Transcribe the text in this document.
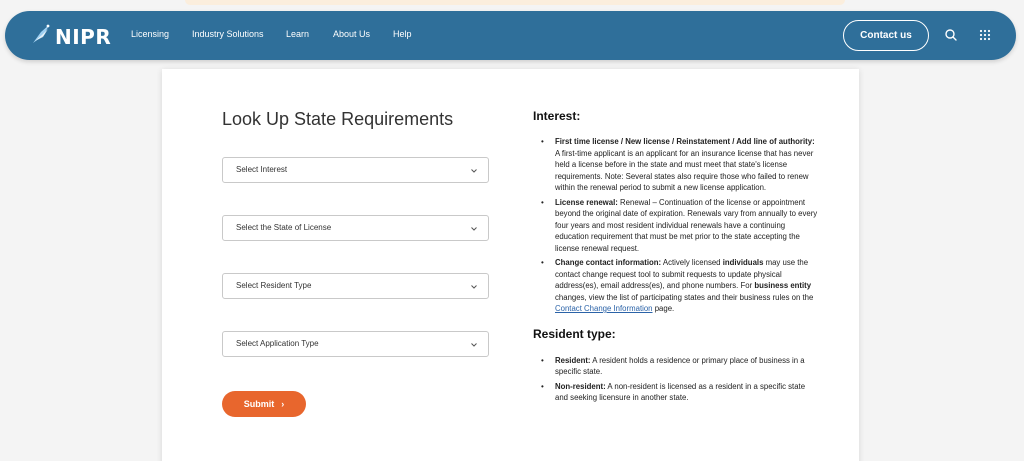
NIPR Licensing	Industry Solutions Learn	About Us	Help	Contact us
Look Up State Requirements
Select Interest
Select the State of License
Select Resident Type
Select Application Type
Submit ›
Interest:
• First time license / New license / Reinstatement / Add line of authority: A first-time applicant is an applicant for an insurance license that has never held a license before in the state and must meet that state's license requirements. Note: Several states also require those who failed to renew within the renewal period to submit a new license application.
• License renewal: Renewal – Continuation of the license or appointment beyond the original date of expiration. Renewals vary from annually to every four years and most resident individual renewals have a continuing education requirement that must be met prior to the state accepting the license renewal request.
• Change contact information: Actively licensed individuals may use the contact change request tool to submit requests to update physical address(es), email address(es), and phone numbers. For business entity changes, view the list of participating states and their business rules on the Contact Change Information page.
Resident type:
• Resident: A resident holds a residence or primary place of business in a specific state.
• Non-resident: A non-resident is licensed as a resident in a specific state and seeking licensure in another state.
